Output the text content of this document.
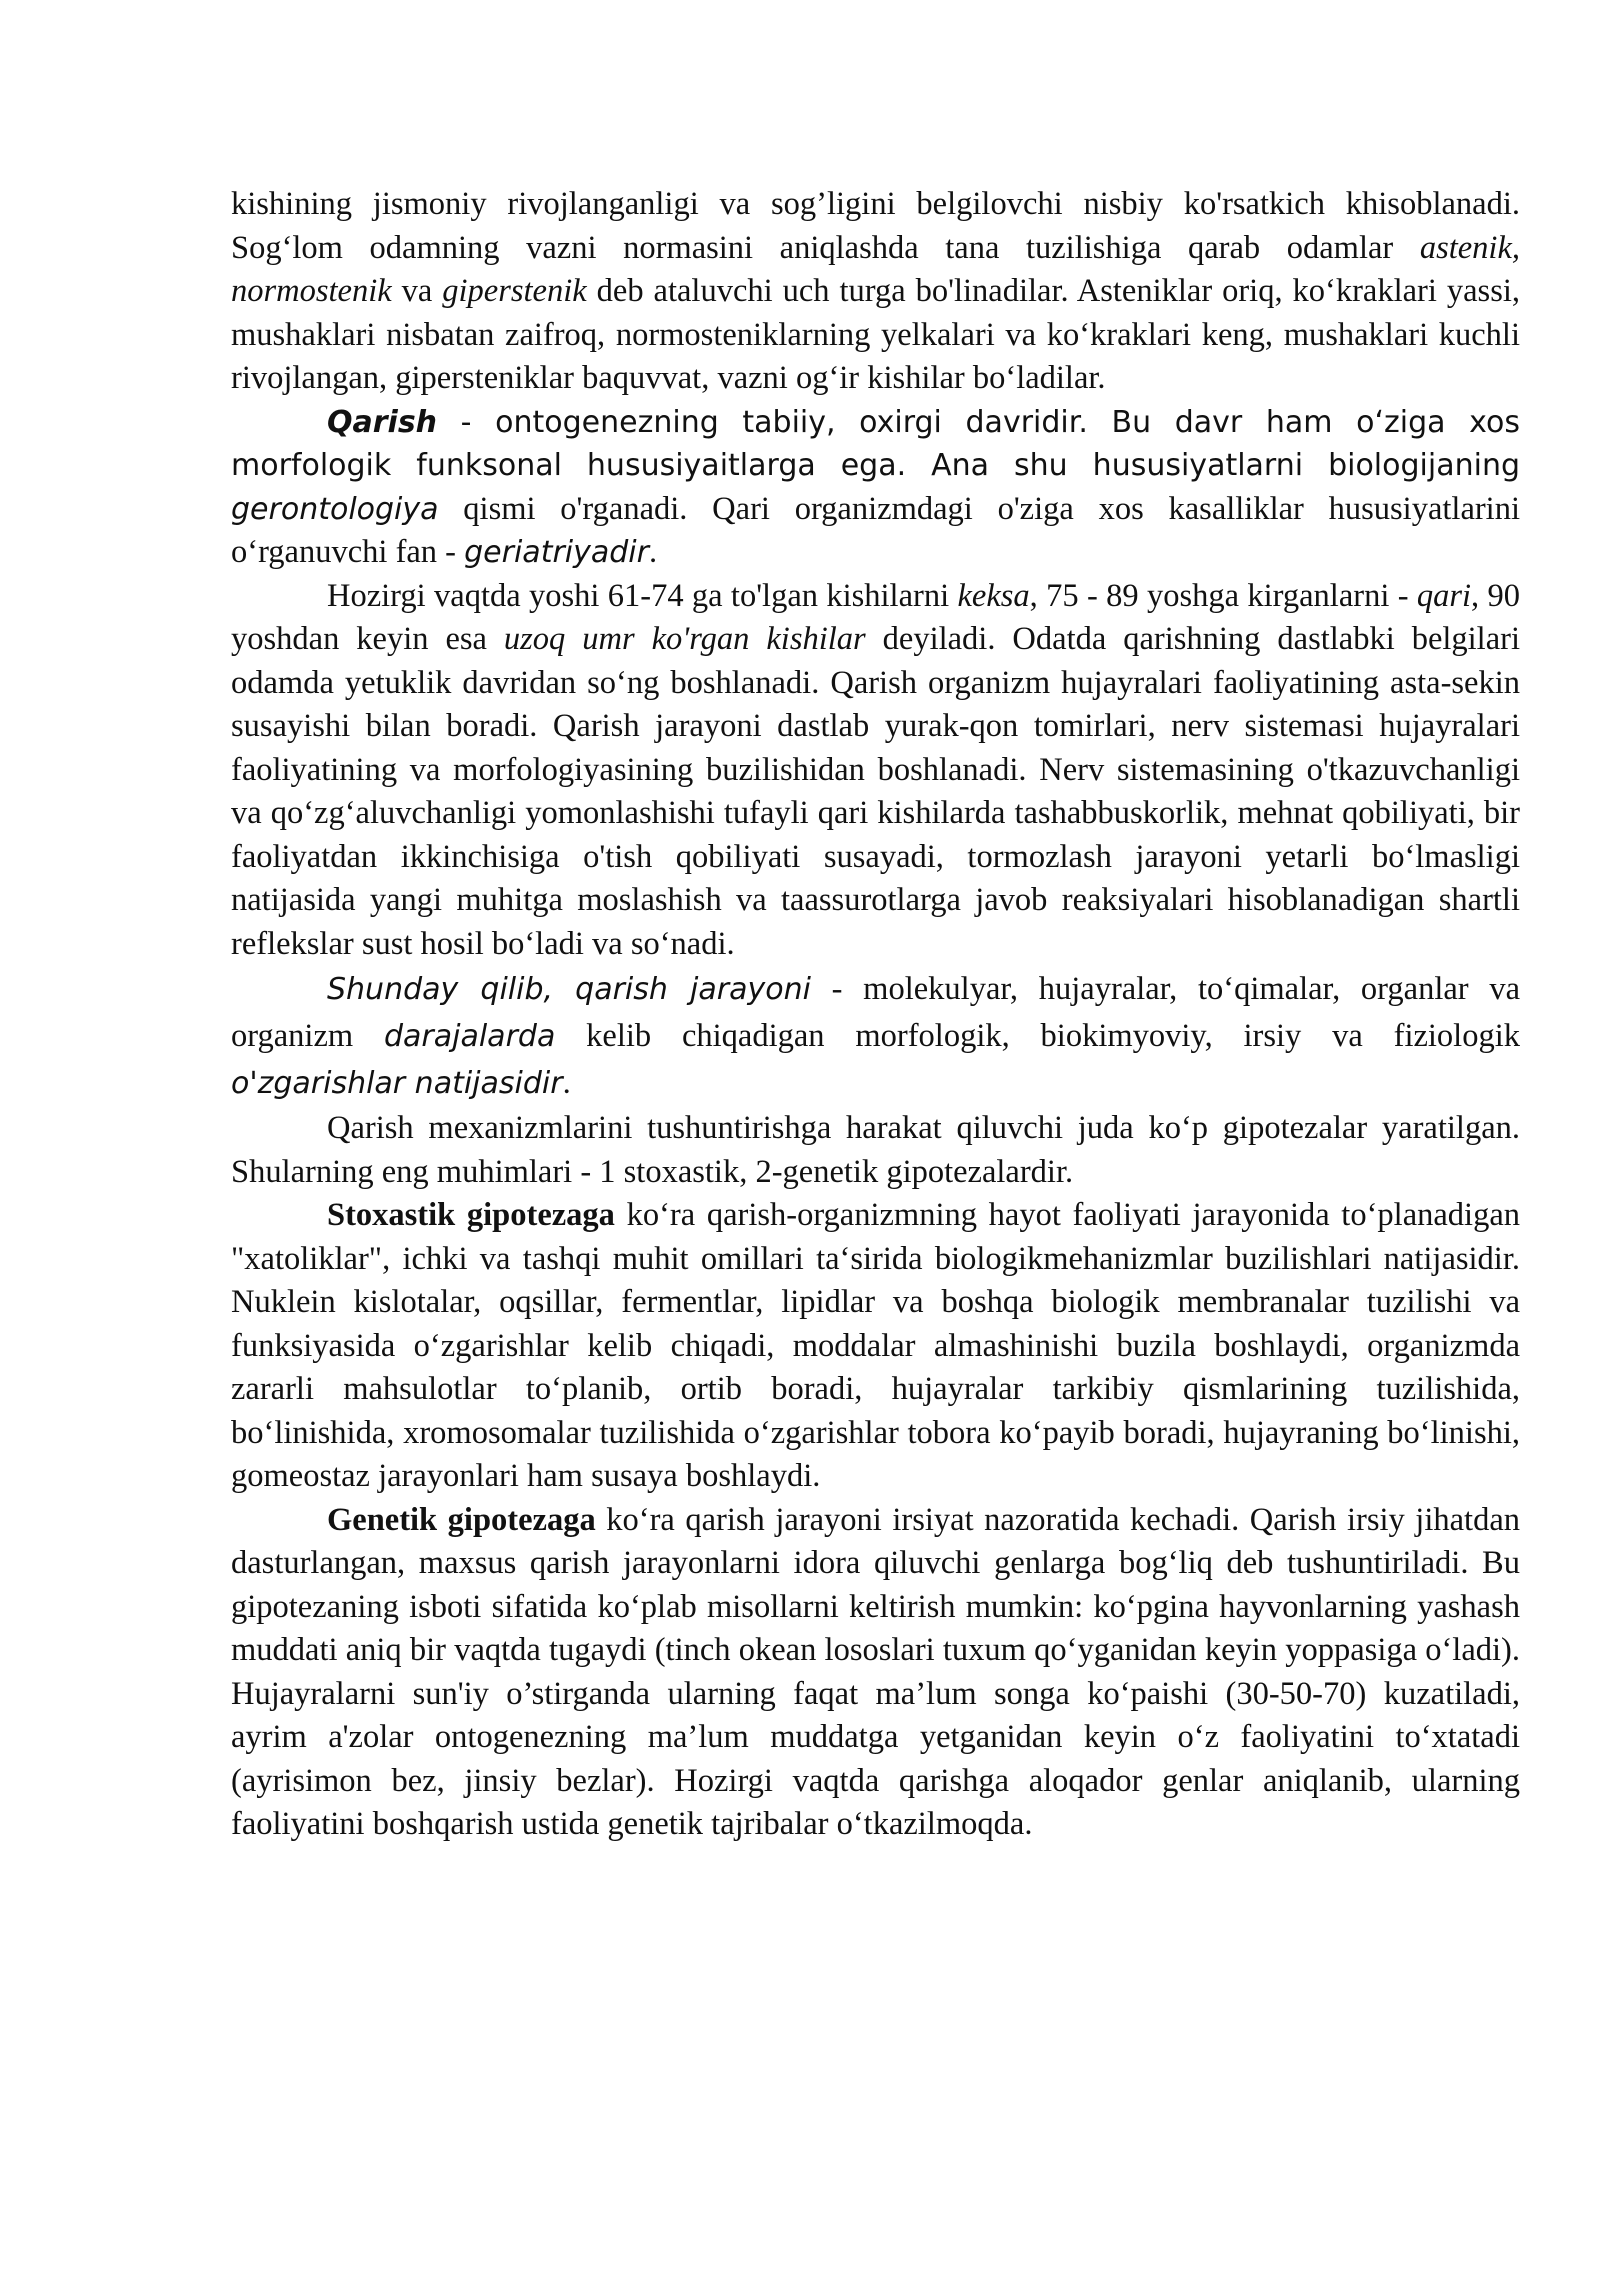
kishining jismoniy rivojlanganligi va sog’ligini belgilovchi nisbiy ko'rsatkich khisoblanadi. Sogʻlom odamning vazni normasini aniqlashda tana tuzilishiga qarab odamlar astenik, normostenik va giperstenik deb ataluvchi uch turga bo'linadilar. Asteniklar oriq, koʻkraklari yassi, mushaklari nisbatan zaifroq, normosteniklarning yelkalari va koʻkraklari keng, mushaklari kuchli rivojlangan, gipersteniklar baquvvat, vazni ogʻir kishilar boʻladilar.

Qarish - ontogenezning tabiiy, oxirgi davridir. Bu davr ham oʻziga xos morfologik funksonal hususiyaitlarga ega. Ana shu hususiyatlarni biologijaning gerontologiya qismi o'rganadi. Qari organizmdagi o'ziga xos kasalliklar hususiyatlarini oʻrganuvchi fan - geriatriyadir.

Hozirgi vaqtda yoshi 61-74 ga to'lgan kishilarni keksa, 75 - 89 yoshga kirganlarni - qari, 90 yoshdan keyin esa uzoq umr ko'rgan kishilar deyiladi. Odatda qarishning dastlabki belgilari odamda yetuklik davridan soʻng boshlanadi. Qarish organizm hujayralari faoliyatining asta-sekin susayishi bilan boradi. Qarish jarayoni dastlab yurak-qon tomirlari, nerv sistemasi hujayralari faoliyatining va morfologiyasining buzilishidan boshlanadi. Nerv sistemasining o'tkazuvchanligi va qoʻzgʻaluvchanligi yomonlashishi tufayli qari kishilarda tashabbuskorlik, mehnat qobiliyati, bir faoliyatdan ikkinchisiga o'tish qobiliyati susayadi, tormozlash jarayoni yetarli boʻlmasligi natijasida yangi muhitga moslashish va taassurotlarga javob reaksiyalari hisoblanadigan shartli reflekslar sust hosil bo‘ladi va so‘nadi.

Shunday qilib, qarish jarayoni - molekulyar, hujayralar, to‘qimalar, organlar va organizm darajalarda kelib chiqadigan morfologik, biokimyoviy, irsiy va fiziologik o'zgarishlar natijasidir.

Qarish mexanizmlarini tushuntirishga harakat qiluvchi juda ko‘p gipotezalar yaratilgan. Shularning eng muhimlari - 1 stoxastik, 2-genetik gipotezalardir.

Stoxastik gipotezaga ko‘ra qarish-organizmning hayot faoliyati jarayonida to‘planadigan "xatoliklar", ichki va tashqi muhit omillari ta‘sirida biologikmehanizmlar buzilishlari natijasidir. Nuklein kislotalar, oqsillar, fermentlar, lipidlar va boshqa biologik membranalar tuzilishi va funksiyasida o‘zgarishlar kelib chiqadi, moddalar almashinishi buzila boshlaydi, organizmda zararli mahsulotlar to‘planib, ortib boradi, hujayralar tarkibiy qismlarining tuzilishida, bo‘linishida, xromosomalar tuzilishida o‘zgarishlar tobora ko‘payib boradi, hujayraning bo‘linishi, gomeostaz jarayonlari ham susaya boshlaydi.

Genetik gipotezaga ko‘ra qarish jarayoni irsiyat nazoratida kechadi. Qarish irsiy jihatdan dasturlangan, maxsus qarish jarayonlarni idora qiluvchi genlarga bog‘liq deb tushuntiriladi. Bu gipotezaning isboti sifatida ko‘plab misollarni keltirish mumkin: ko‘pgina hayvonlarning yashash muddati aniq bir vaqtda tugaydi (tinch okean lososlari tuxum qo‘yganidan keyin yoppasiga o‘ladi). Hujayralarni sun'iy o’stirganda ularning faqat ma’lum songa ko‘paishi (30-50-70) kuzatiladi, ayrim a'zolar ontogenezning ma’lum muddatga yetganidan keyin o‘z faoliyatini to‘xtatadi (ayrisimon bez, jinsiy bezlar). Hozirgi vaqtda qarishga aloqador genlar aniqlanib, ularning faoliyatini boshqarish ustida genetik tajribalar o‘tkazilmoqda.
